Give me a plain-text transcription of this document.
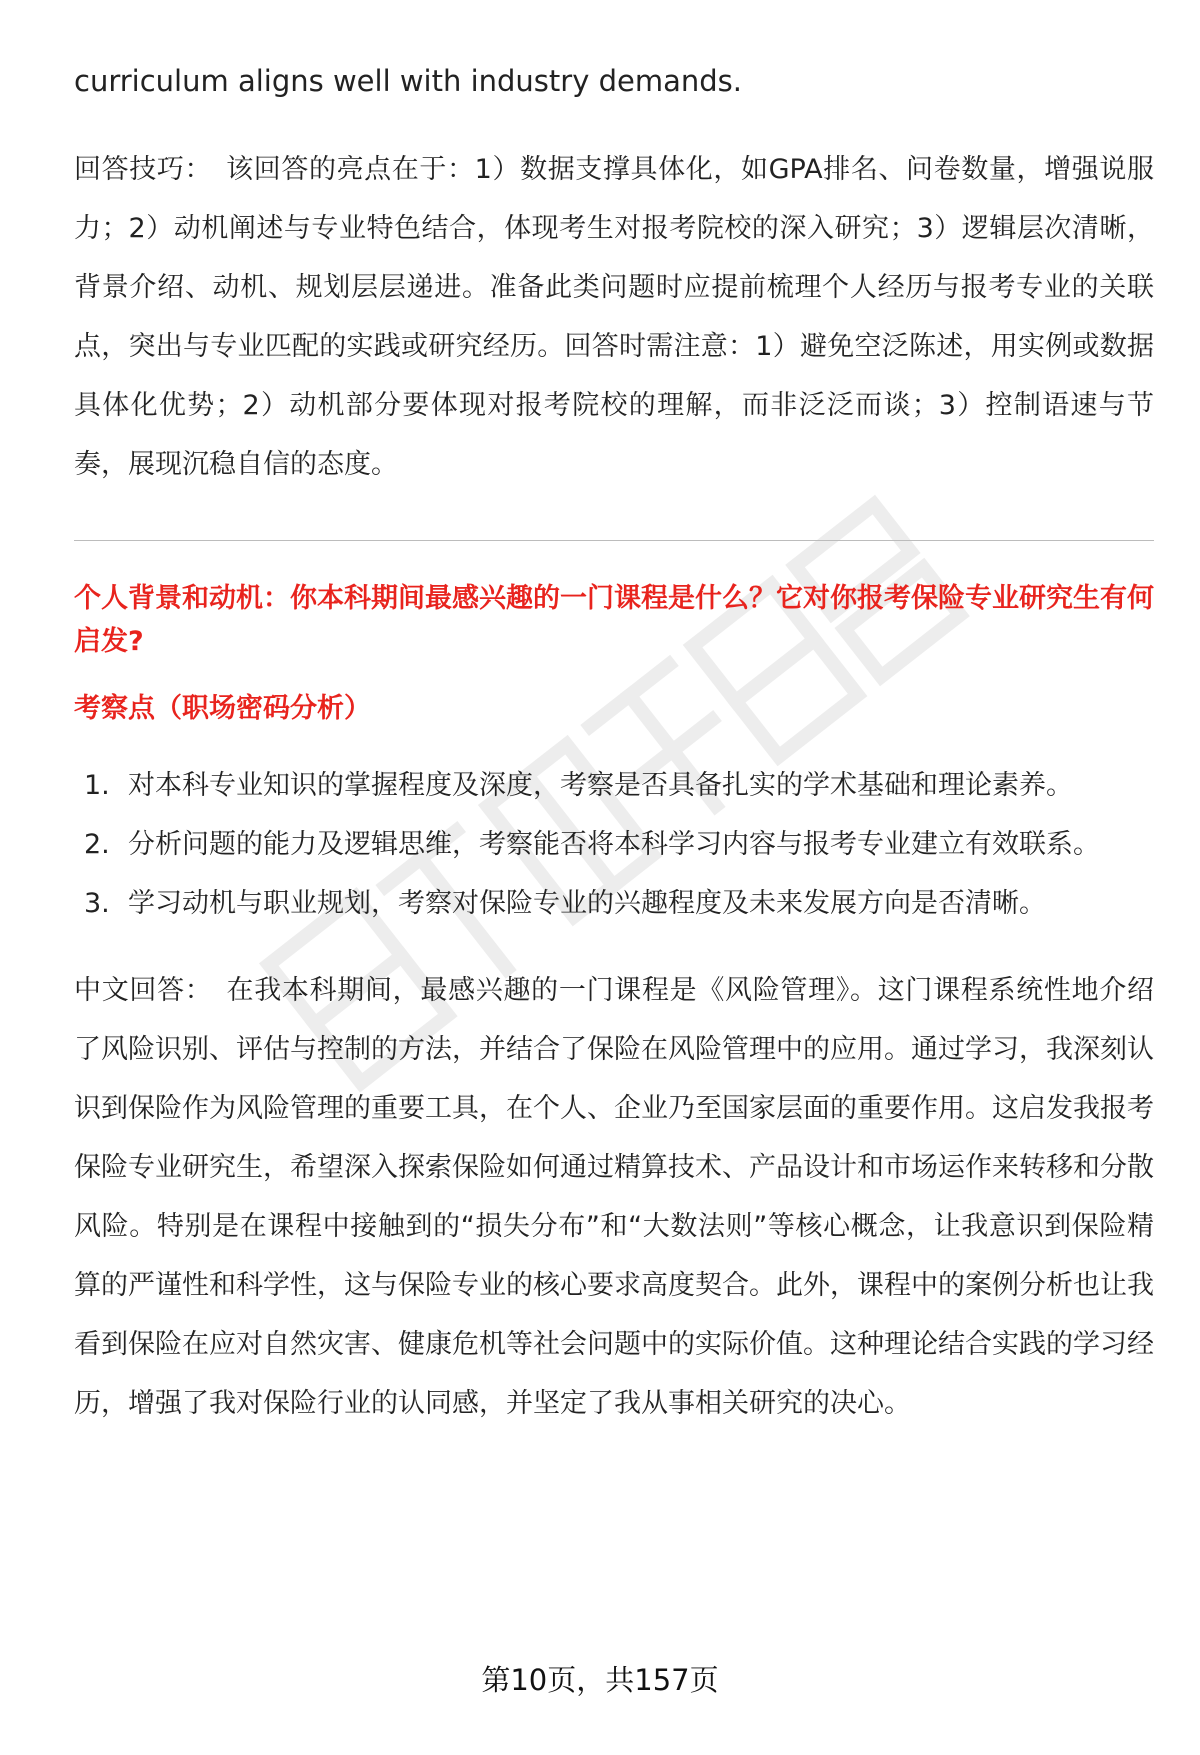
curriculum aligns well with industry demands.

回答技巧： 该回答的亮点在于：1）数据支撑具体化，如GPA排名、问卷数量，增强说服力；2）动机阐述与专业特色结合，体现考生对报考院校的深入研究；3）逻辑层次清晰，背景介绍、动机、规划层层递进。准备此类问题时应提前梳理个人经历与报考专业的关联点，突出与专业匹配的实践或研究经历。回答时需注意：1）避免空泛陈述，用实例或数据具体化优势；2）动机部分要体现对报考院校的理解，而非泛泛而谈；3）控制语速与节奏，展现沉稳自信的态度。

个人背景和动机：你本科期间最感兴趣的一门课程是什么？它对你报考保险专业研究生有何启发?

考察点（职场密码分析）

1. 对本科专业知识的掌握程度及深度，考察是否具备扎实的学术基础和理论素养。
2. 分析问题的能力及逻辑思维，考察能否将本科学习内容与报考专业建立有效联系。
3. 学习动机与职业规划，考察对保险专业的兴趣程度及未来发展方向是否清晰。

中文回答： 在我本科期间，最感兴趣的一门课程是《风险管理》。这门课程系统性地介绍了风险识别、评估与控制的方法，并结合了保险在风险管理中的应用。通过学习，我深刻认识到保险作为风险管理的重要工具，在个人、企业乃至国家层面的重要作用。这启发我报考保险专业研究生，希望深入探索保险如何通过精算技术、产品设计和市场运作来转移和分散风险。特别是在课程中接触到的“损失分布”和“大数法则”等核心概念，让我意识到保险精算的严谨性和科学性，这与保险专业的核心要求高度契合。此外，课程中的案例分析也让我看到保险在应对自然灾害、健康危机等社会问题中的实际价值。这种理论结合实践的学习经历，增强了我对保险行业的认同感，并坚定了我从事相关研究的决心。

第10页，共157页
